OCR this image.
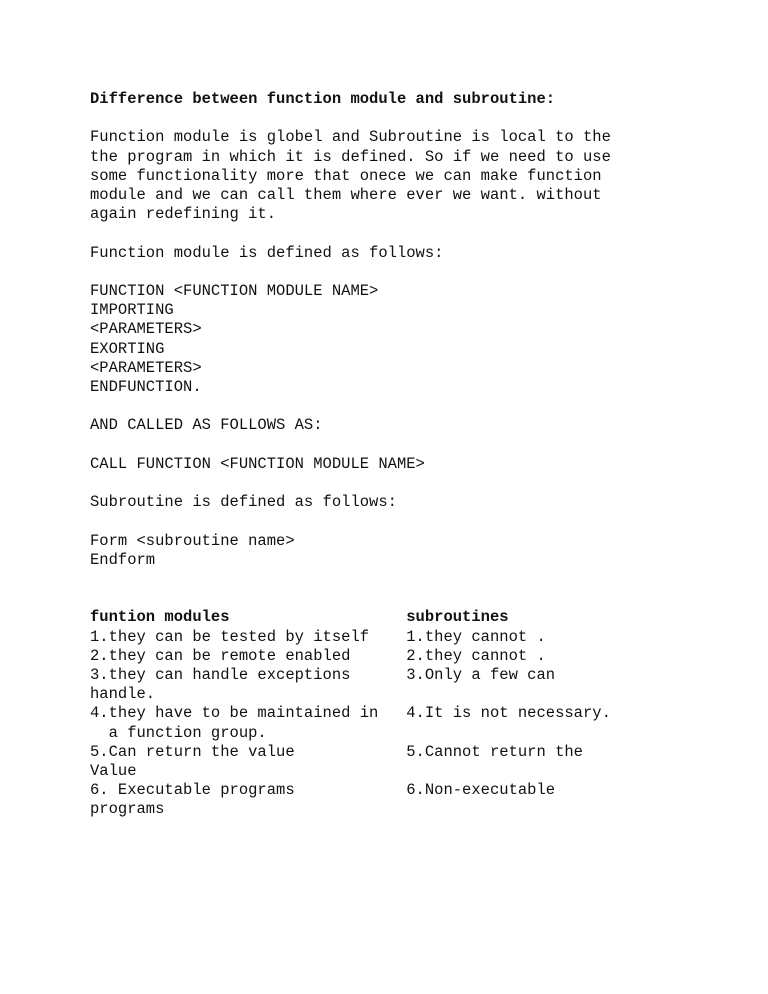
Difference between function module and subroutine:
Function module is globel and Subroutine is local to the
the program in which it is defined. So if we need to use
some functionality more that onece we can make function
module and we can call them where ever we want. without
again redefining it.
Function module is defined as follows:
FUNCTION <FUNCTION MODULE NAME>
IMPORTING
<PARAMETERS>
EXORTING
<PARAMETERS>
ENDFUNCTION.
AND CALLED AS FOLLOWS AS:
CALL FUNCTION <FUNCTION MODULE NAME>
Subroutine is defined as follows:
Form <subroutine name>
Endform
funtion modules                   subroutines
1.they can be tested by itself    1.they cannot .
2.they can be remote enabled      2.they cannot .
3.they can handle exceptions      3.Only a few can
handle.
4.they have to be maintained in   4.It is not necessary.
a function group.
5.Can return the value            5.Cannot return the
Value
6. Executable programs            6.Non-executable
programs
